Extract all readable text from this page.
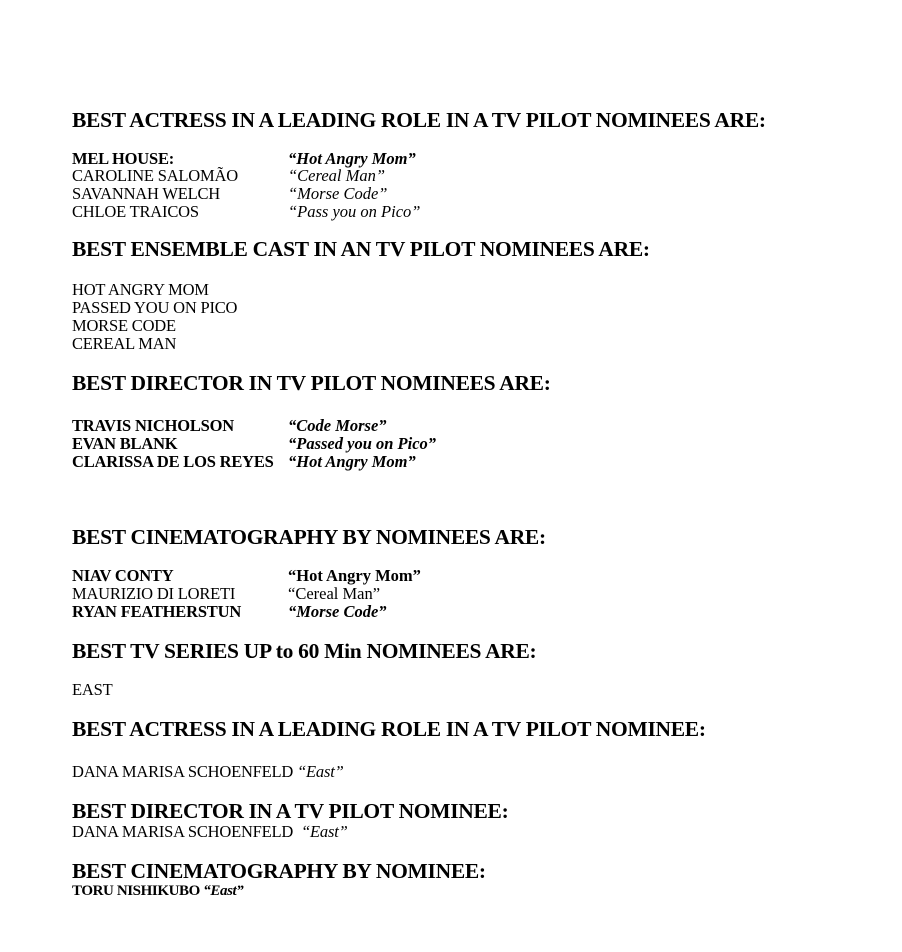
BEST ACTRESS IN A LEADING ROLE IN A TV PILOT NOMINEES ARE:
MEL HOUSE:	“Hot Angry Mom”
CAROLINE SALOMÃO	“Cereal Man”
SAVANNAH WELCH	“Morse Code”
CHLOE TRAICOS	“Pass you on Pico”
BEST ENSEMBLE CAST IN AN TV PILOT NOMINEES ARE:
HOT ANGRY MOM
PASSED YOU ON PICO
MORSE CODE
CEREAL MAN
BEST DIRECTOR IN TV PILOT NOMINEES ARE:
TRAVIS NICHOLSON	“Code Morse”
EVAN BLANK	“Passed you on Pico”
CLARISSA DE LOS REYES “Hot Angry Mom”
BEST CINEMATOGRAPHY BY NOMINEES ARE:
NIAV CONTY	“Hot Angry Mom”
MAURIZIO DI LORETI	“Cereal Man”
RYAN FEATHERSTUN	“Morse Code”
BEST TV SERIES UP to 60 Min NOMINEES ARE:
EAST
BEST ACTRESS IN A LEADING ROLE IN A TV PILOT NOMINEE:
DANA MARISA SCHOENFELD “East”
BEST DIRECTOR IN A TV PILOT NOMINEE:
DANA MARISA SCHOENFELD “East”
BEST CINEMATOGRAPHY BY NOMINEE:
TORU NISHIKUBO “East”
